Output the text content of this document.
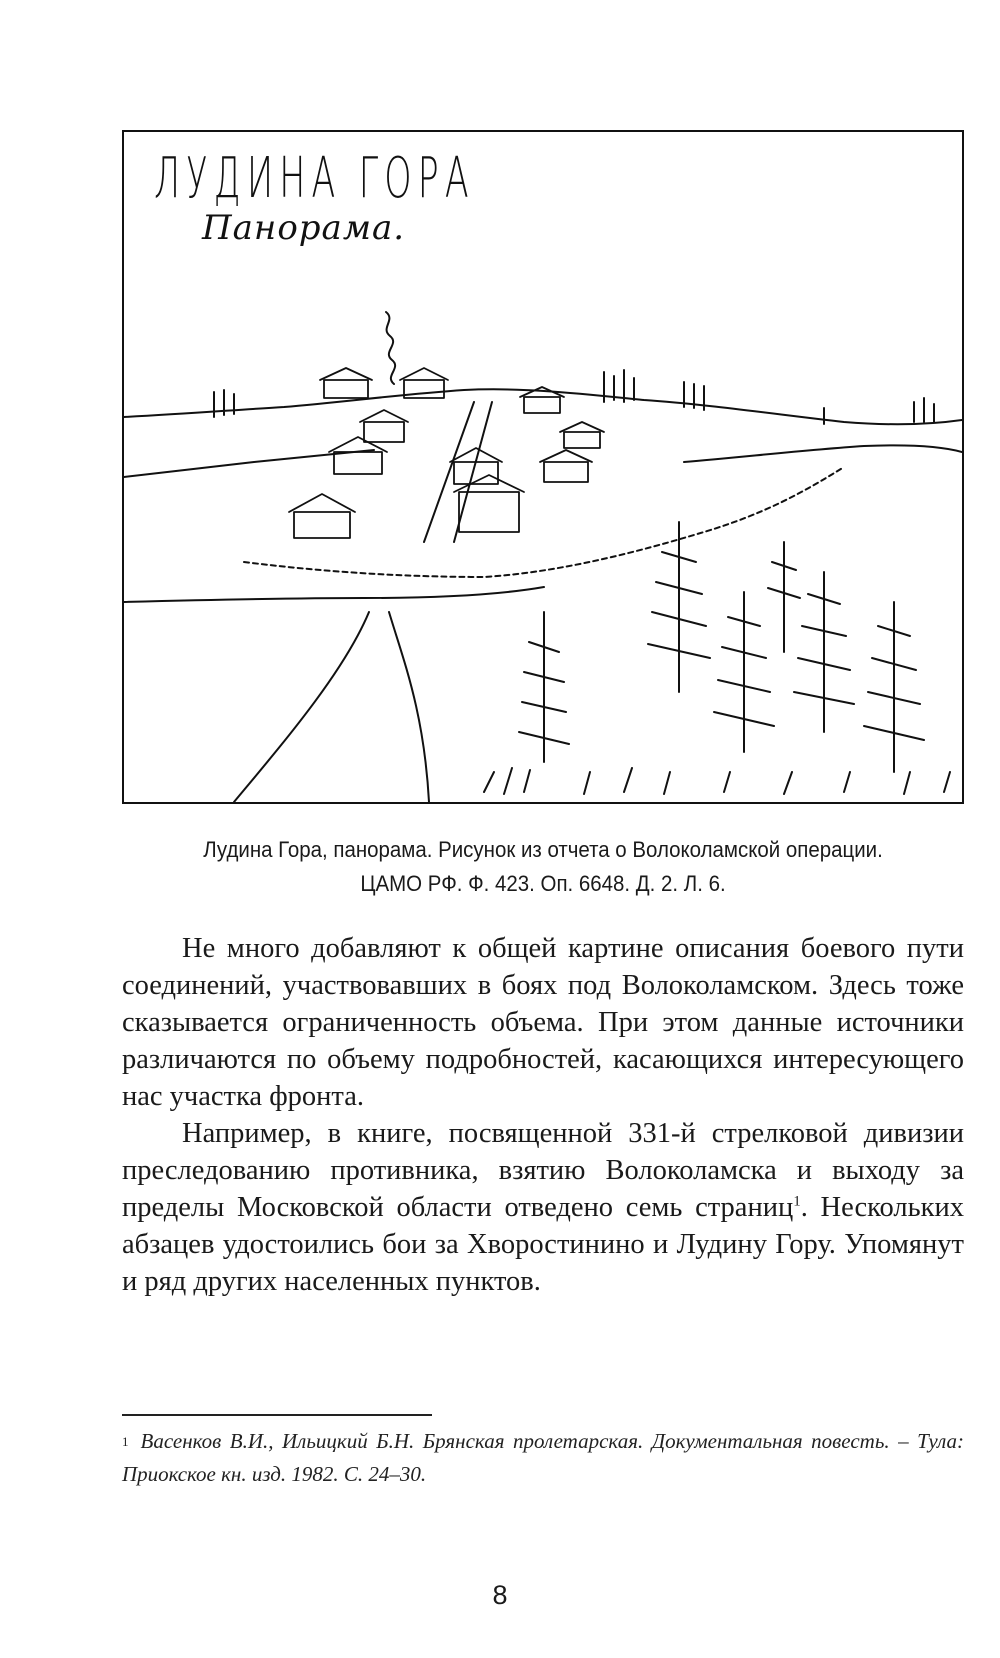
ЛУДИНА ГОРА
Панорама.
Лудина Гора, панорама. Рисунок из отчета о Волоколамской операции.
ЦАМО РФ. Ф. 423. Оп. 6648. Д. 2. Л. 6.

Не много добавляют к общей картине описания боевого пути соединений, участвовавших в боях под Волоколамском. Здесь тоже сказывается ограниченность объема. При этом данные источники различаются по объему подробностей, касающихся интересующего нас участка фронта.

Например, в книге, посвященной 331-й стрелковой дивизии преследованию противника, взятию Волоколамска и выходу за пределы Московской области отведено семь страниц$^1$. Нескольких абзацев удостоились бои за Хворостинино и Лудину Гору. Упомянут и ряд других населенных пунктов.

$^1$ Васенков В.И., Ильицкий Б.Н. Брянская пролетарская. Документальная повесть. – Тула: Приокское кн. изд. 1982. С. 24–30.
8
